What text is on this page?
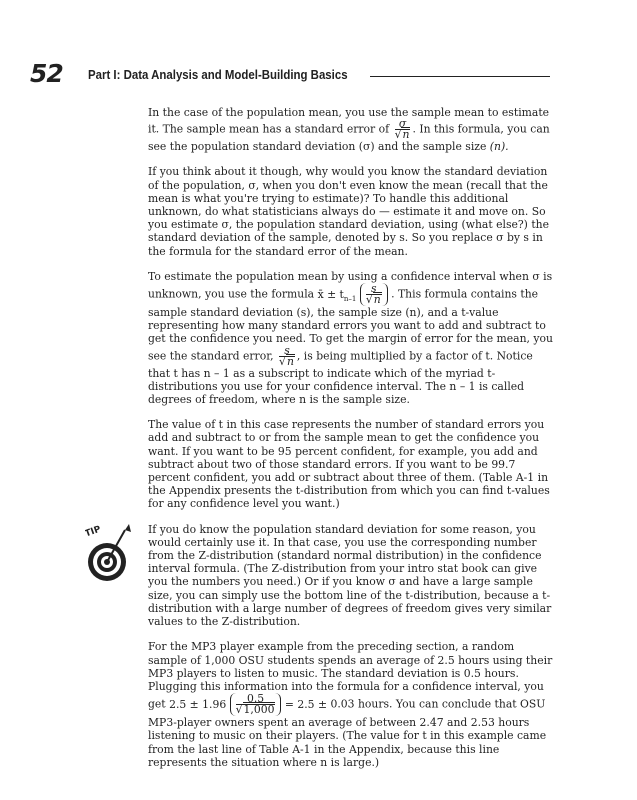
52 Part I: Data Analysis and Model-Building Basics
TIP

In the case of the population mean, you use the sample mean to estimate it. The sample mean has a standard error of $\frac{\sigma}{√n}$ . In this formula, you can see the population standard deviation (σ) and the sample size (n).

If you think about it though, why would you know the standard deviation of the population, σ, when you don't even know the mean (recall that the mean is what you're trying to estimate)? To handle this additional unknown, do what statisticians always do — estimate it and move on. So you estimate σ, the population standard deviation, using (what else?) the standard deviation of the sample, denoted by s. So you replace σ by s in the formula for the standard error of the mean.

To estimate the population mean by using a confidence interval when σ is unknown, you use the formula x̄ ± $t_{n-1} \frac{s}{√n}$ . This formula contains the sample standard deviation (s), the sample size (n), and a t-value representing how many standard errors you want to add and subtract to get the confidence you need. To get the margin of error for the mean, you see the standard error, $\frac{s}{√n}$ , is being multiplied by a factor of t. Notice that t has n – 1 as a subscript to indicate which of the myriad t-distributions you use for your confidence interval. The n – 1 is called degrees of freedom, where n is the sample size.

The value of t in this case represents the number of standard errors you add and subtract to or from the sample mean to get the confidence you want. If you want to be 95 percent confident, for example, you add and subtract about two of those standard errors. If you want to be 99.7 percent confident, you add or subtract about three of them. (Table A-1 in the Appendix presents the t-distribution from which you can find t-values for any confidence level you want.)

If you do know the population standard deviation for some reason, you would certainly use it. In that case, you use the corresponding number from the Z-distribution (standard normal distribution) in the confidence interval formula. (The Z-distribution from your intro stat book can give you the numbers you need.) Or if you know σ and have a large sample size, you can simply use the bottom line of the t-distribution, because a t-distribution with a large number of degrees of freedom gives very similar values to the Z-distribution.

For the MP3 player example from the preceding section, a random sample of 1,000 OSU students spends an average of 2.5 hours using their MP3 players to listen to music. The standard deviation is 0.5 hours. Plugging this information into the formula for a confidence interval, you get $2.5 \pm 1.96 \frac{0.5}{√1,000} = 2.5 \pm 0.03$ hours. You can conclude that OSU MP3-player owners spent an average of between 2.47 and 2.53 hours listening to music on their players. (The value for t in this example came from the last line of Table A-1 in the Appendix, because this line represents the situation where n is large.)
